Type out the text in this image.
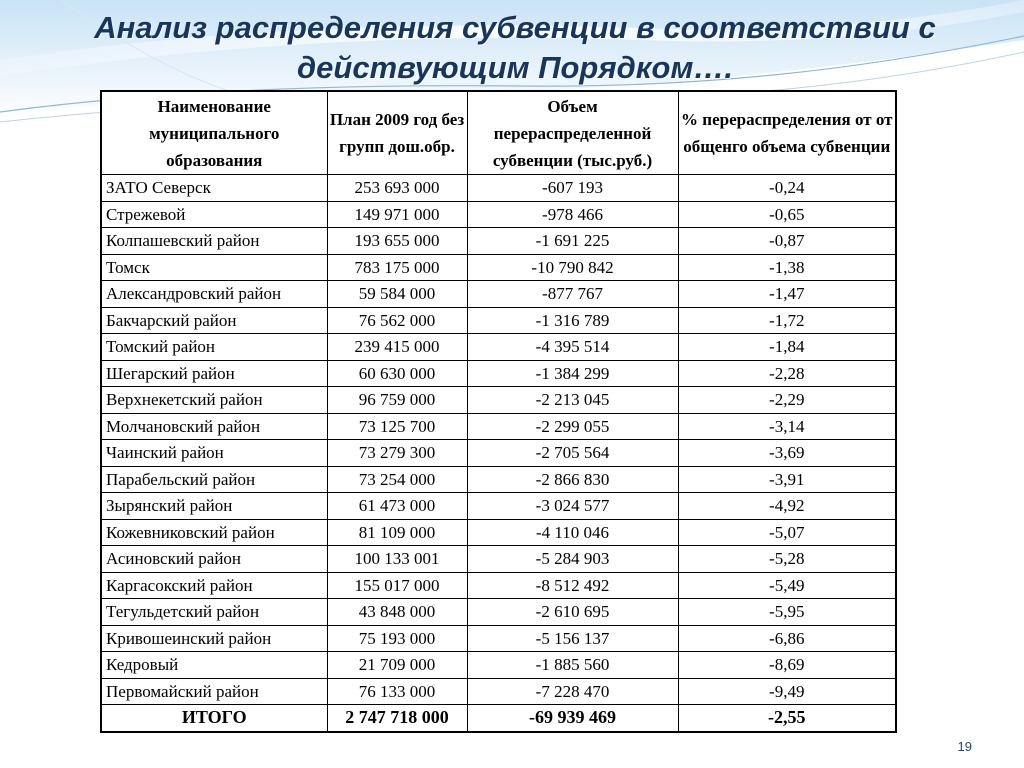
Анализ распределения субвенции в соответствии с
действующим Порядком….
Наименование муниципального образования	План 2009 год без групп дош.обр.	Объем перераспределенной субвенции (тыс.руб.)	% перераспределения от от общенго объема субвенции
ЗАТО Северск	253 693 000	-607 193	-0,24
Стрежевой	149 971 000	-978 466	-0,65
Колпашевский район	193 655 000	-1 691 225	-0,87
Томск	783 175 000	-10 790 842	-1,38
Александровский район	59 584 000	-877 767	-1,47
Бакчарский район	76 562 000	-1 316 789	-1,72
Томский район	239 415 000	-4 395 514	-1,84
Шегарский район	60 630 000	-1 384 299	-2,28
Верхнекетский район	96 759 000	-2 213 045	-2,29
Молчановский район	73 125 700	-2 299 055	-3,14
Чаинский район	73 279 300	-2 705 564	-3,69
Парабельский район	73 254 000	-2 866 830	-3,91
Зырянский район	61 473 000	-3 024 577	-4,92
Кожевниковский район	81 109 000	-4 110 046	-5,07
Асиновский район	100 133 001	-5 284 903	-5,28
Каргасокский район	155 017 000	-8 512 492	-5,49
Тегульдетский район	43 848 000	-2 610 695	-5,95
Кривошеинский район	75 193 000	-5 156 137	-6,86
Кедровый	21 709 000	-1 885 560	-8,69
Первомайский район	76 133 000	-7 228 470	-9,49
ИТОГО	2 747 718 000	-69 939 469	-2,55
19
